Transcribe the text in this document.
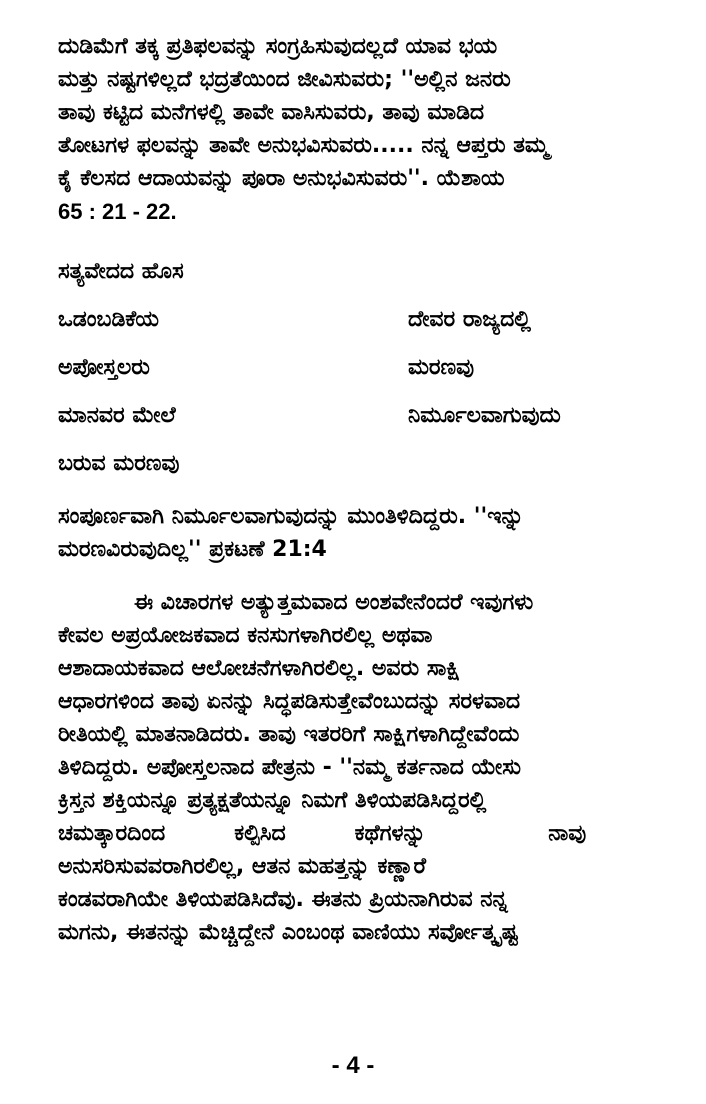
ದುಡಿಮೆಗೆ ತಕ್ಕ ಪ್ರತಿಫಲವನ್ನು ಸಂಗ್ರಹಿಸುವುದಲ್ಲದೆ ಯಾವ ಭಯ
ಮತ್ತು ನಷ್ಟಗಳಿಲ್ಲದೆ ಭದ್ರತೆಯಿಂದ ಜೀವಿಸುವರು; ''ಅಲ್ಲಿನ ಜನರು
ತಾವು ಕಟ್ಟಿದ ಮನೆಗಳಲ್ಲಿ ತಾವೇ ವಾಸಿಸುವರು, ತಾವು ಮಾಡಿದ
ತೋಟಗಳ ಫಲವನ್ನು ತಾವೇ ಅನುಭವಿಸುವರು..... ನನ್ನ ಆಪ್ತರು ತಮ್ಮ
ಕೈ ಕೆಲಸದ ಆದಾಯವನ್ನು ಪೂರಾ ಅನುಭವಿಸುವರು''. ಯೆಶಾಯ
65 : 21 - 22.
ಸತ್ಯವೇದದ ಹೊಸ
ಒಡಂಬಡಿಕೆಯ	ದೇವರ ರಾಜ್ಯದಲ್ಲಿ
ಅಪೋಸ್ತಲರು	ಮರಣವು
ಮಾನವರ ಮೇಲೆ	ನಿರ್ಮೂಲವಾಗುವುದು
ಬರುವ ಮರಣವು
ಸಂಪೂರ್ಣವಾಗಿ ನಿರ್ಮೂಲವಾಗುವುದನ್ನು ಮುಂತಿಳಿದಿದ್ದರು. ''ಇನ್ನು
ಮರಣವಿರುವುದಿಲ್ಲ'' ಪ್ರಕಟಣೆ 21:4
ಈ ವಿಚಾರಗಳ ಅತ್ಯುತ್ತಮವಾದ ಅಂಶವೇನೆಂದರೆ ಇವುಗಳು
ಕೇವಲ ಅಪ್ರಯೋಜಕವಾದ ಕನಸುಗಳಾಗಿರಲಿಲ್ಲ ಅಥವಾ
ಆಶಾದಾಯಕವಾದ ಆಲೋಚನೆಗಳಾಗಿರಲಿಲ್ಲ. ಅವರು ಸಾಕ್ಷಿ
ಆಧಾರಗಳಿಂದ ತಾವು ಏನನ್ನು ಸಿದ್ಧಪಡಿಸುತ್ತೇವೆಂಬುದನ್ನು ಸರಳವಾದ
ರೀತಿಯಲ್ಲಿ ಮಾತನಾಡಿದರು. ತಾವು ಇತರರಿಗೆ ಸಾಕ್ಷಿಗಳಾಗಿದ್ದೇವೆಂದು
ತಿಳಿದಿದ್ದರು. ಅಪೋಸ್ತಲನಾದ ಪೇತ್ರನು - ''ನಮ್ಮ ಕರ್ತನಾದ ಯೇಸು
ಕ್ರಿಸ್ತನ ಶಕ್ತಿಯನ್ನೂ ಪ್ರತ್ಯಕ್ಷತೆಯನ್ನೂ ನಿಮಗೆ ತಿಳಿಯಪಡಿಸಿದ್ದರಲ್ಲಿ
ಚಮತ್ಕಾರದಿಂದ         ಕಲ್ಪಿಸಿದ         ಕಥೆಗಳನ್ನು                ನಾವು
ಅನುಸರಿಸುವವರಾಗಿರಲಿಲ್ಲ, ಆತನ ಮಹತ್ತನ್ನು ಕಣ್ಣಾರೆ
ಕಂಡವರಾಗಿಯೇ ತಿಳಿಯಪಡಿಸಿದೆವು. ಈತನು ಪ್ರಿಯನಾಗಿರುವ ನನ್ನ
ಮಗನು, ಈತನನ್ನು ಮೆಚ್ಚಿದ್ದೇನೆ ಎಂಬಂಥ ವಾಣಿಯು ಸರ್ವೋತ್ಕೃಷ್ಟ
- 4 -
